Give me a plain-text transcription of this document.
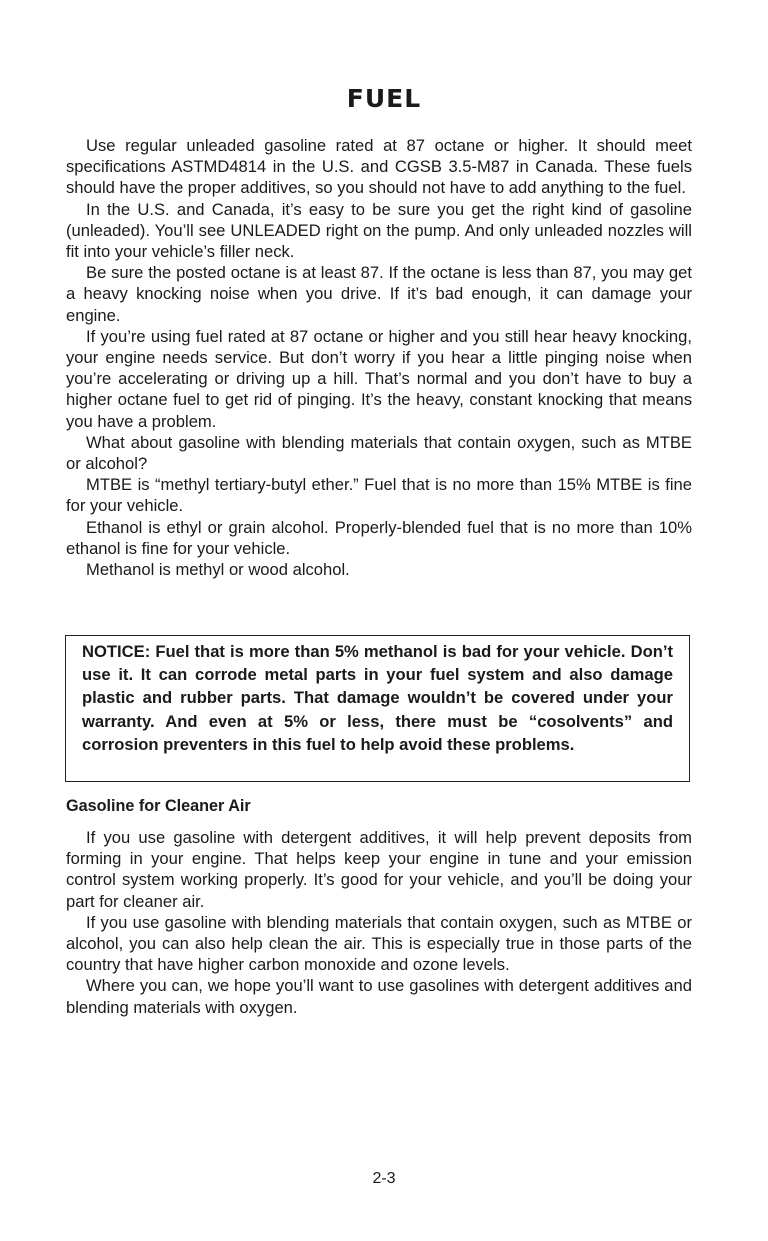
FUEL

Use regular unleaded gasoline rated at 87 octane or higher. It should meet specifications ASTMD4814 in the U.S. and CGSB 3.5-M87 in Canada. These fuels should have the proper additives, so you should not have to add anything to the fuel.

In the U.S. and Canada, it’s easy to be sure you get the right kind of gasoline (unleaded). You’ll see UNLEADED right on the pump. And only unleaded nozzles will fit into your vehicle’s filler neck.

Be sure the posted octane is at least 87. If the octane is less than 87, you may get a heavy knocking noise when you drive. If it’s bad enough, it can damage your engine.

If you’re using fuel rated at 87 octane or higher and you still hear heavy knocking, your engine needs service. But don’t worry if you hear a little pinging noise when you’re accelerating or driving up a hill. That’s normal and you don’t have to buy a higher octane fuel to get rid of pinging. It’s the heavy, constant knocking that means you have a problem.

What about gasoline with blending materials that contain oxygen, such as MTBE or alcohol?

MTBE is “methyl tertiary-butyl ether.” Fuel that is no more than 15% MTBE is fine for your vehicle.

Ethanol is ethyl or grain alcohol. Properly-blended fuel that is no more than 10% ethanol is fine for your vehicle.

Methanol is methyl or wood alcohol.

NOTICE: Fuel that is more than 5% methanol is bad for your vehicle. Don’t use it. It can corrode metal parts in your fuel system and also damage plastic and rubber parts. That damage wouldn’t be covered under your warranty. And even at 5% or less, there must be “cosolvents” and corrosion preventers in this fuel to help avoid these problems.
Gasoline for Cleaner Air

If you use gasoline with detergent additives, it will help prevent deposits from forming in your engine. That helps keep your engine in tune and your emission control system working properly. It’s good for your vehicle, and you’ll be doing your part for cleaner air.

If you use gasoline with blending materials that contain oxygen, such as MTBE or alcohol, you can also help clean the air. This is especially true in those parts of the country that have higher carbon monoxide and ozone levels.

Where you can, we hope you’ll want to use gasolines with detergent additives and blending materials with oxygen.

2-3
